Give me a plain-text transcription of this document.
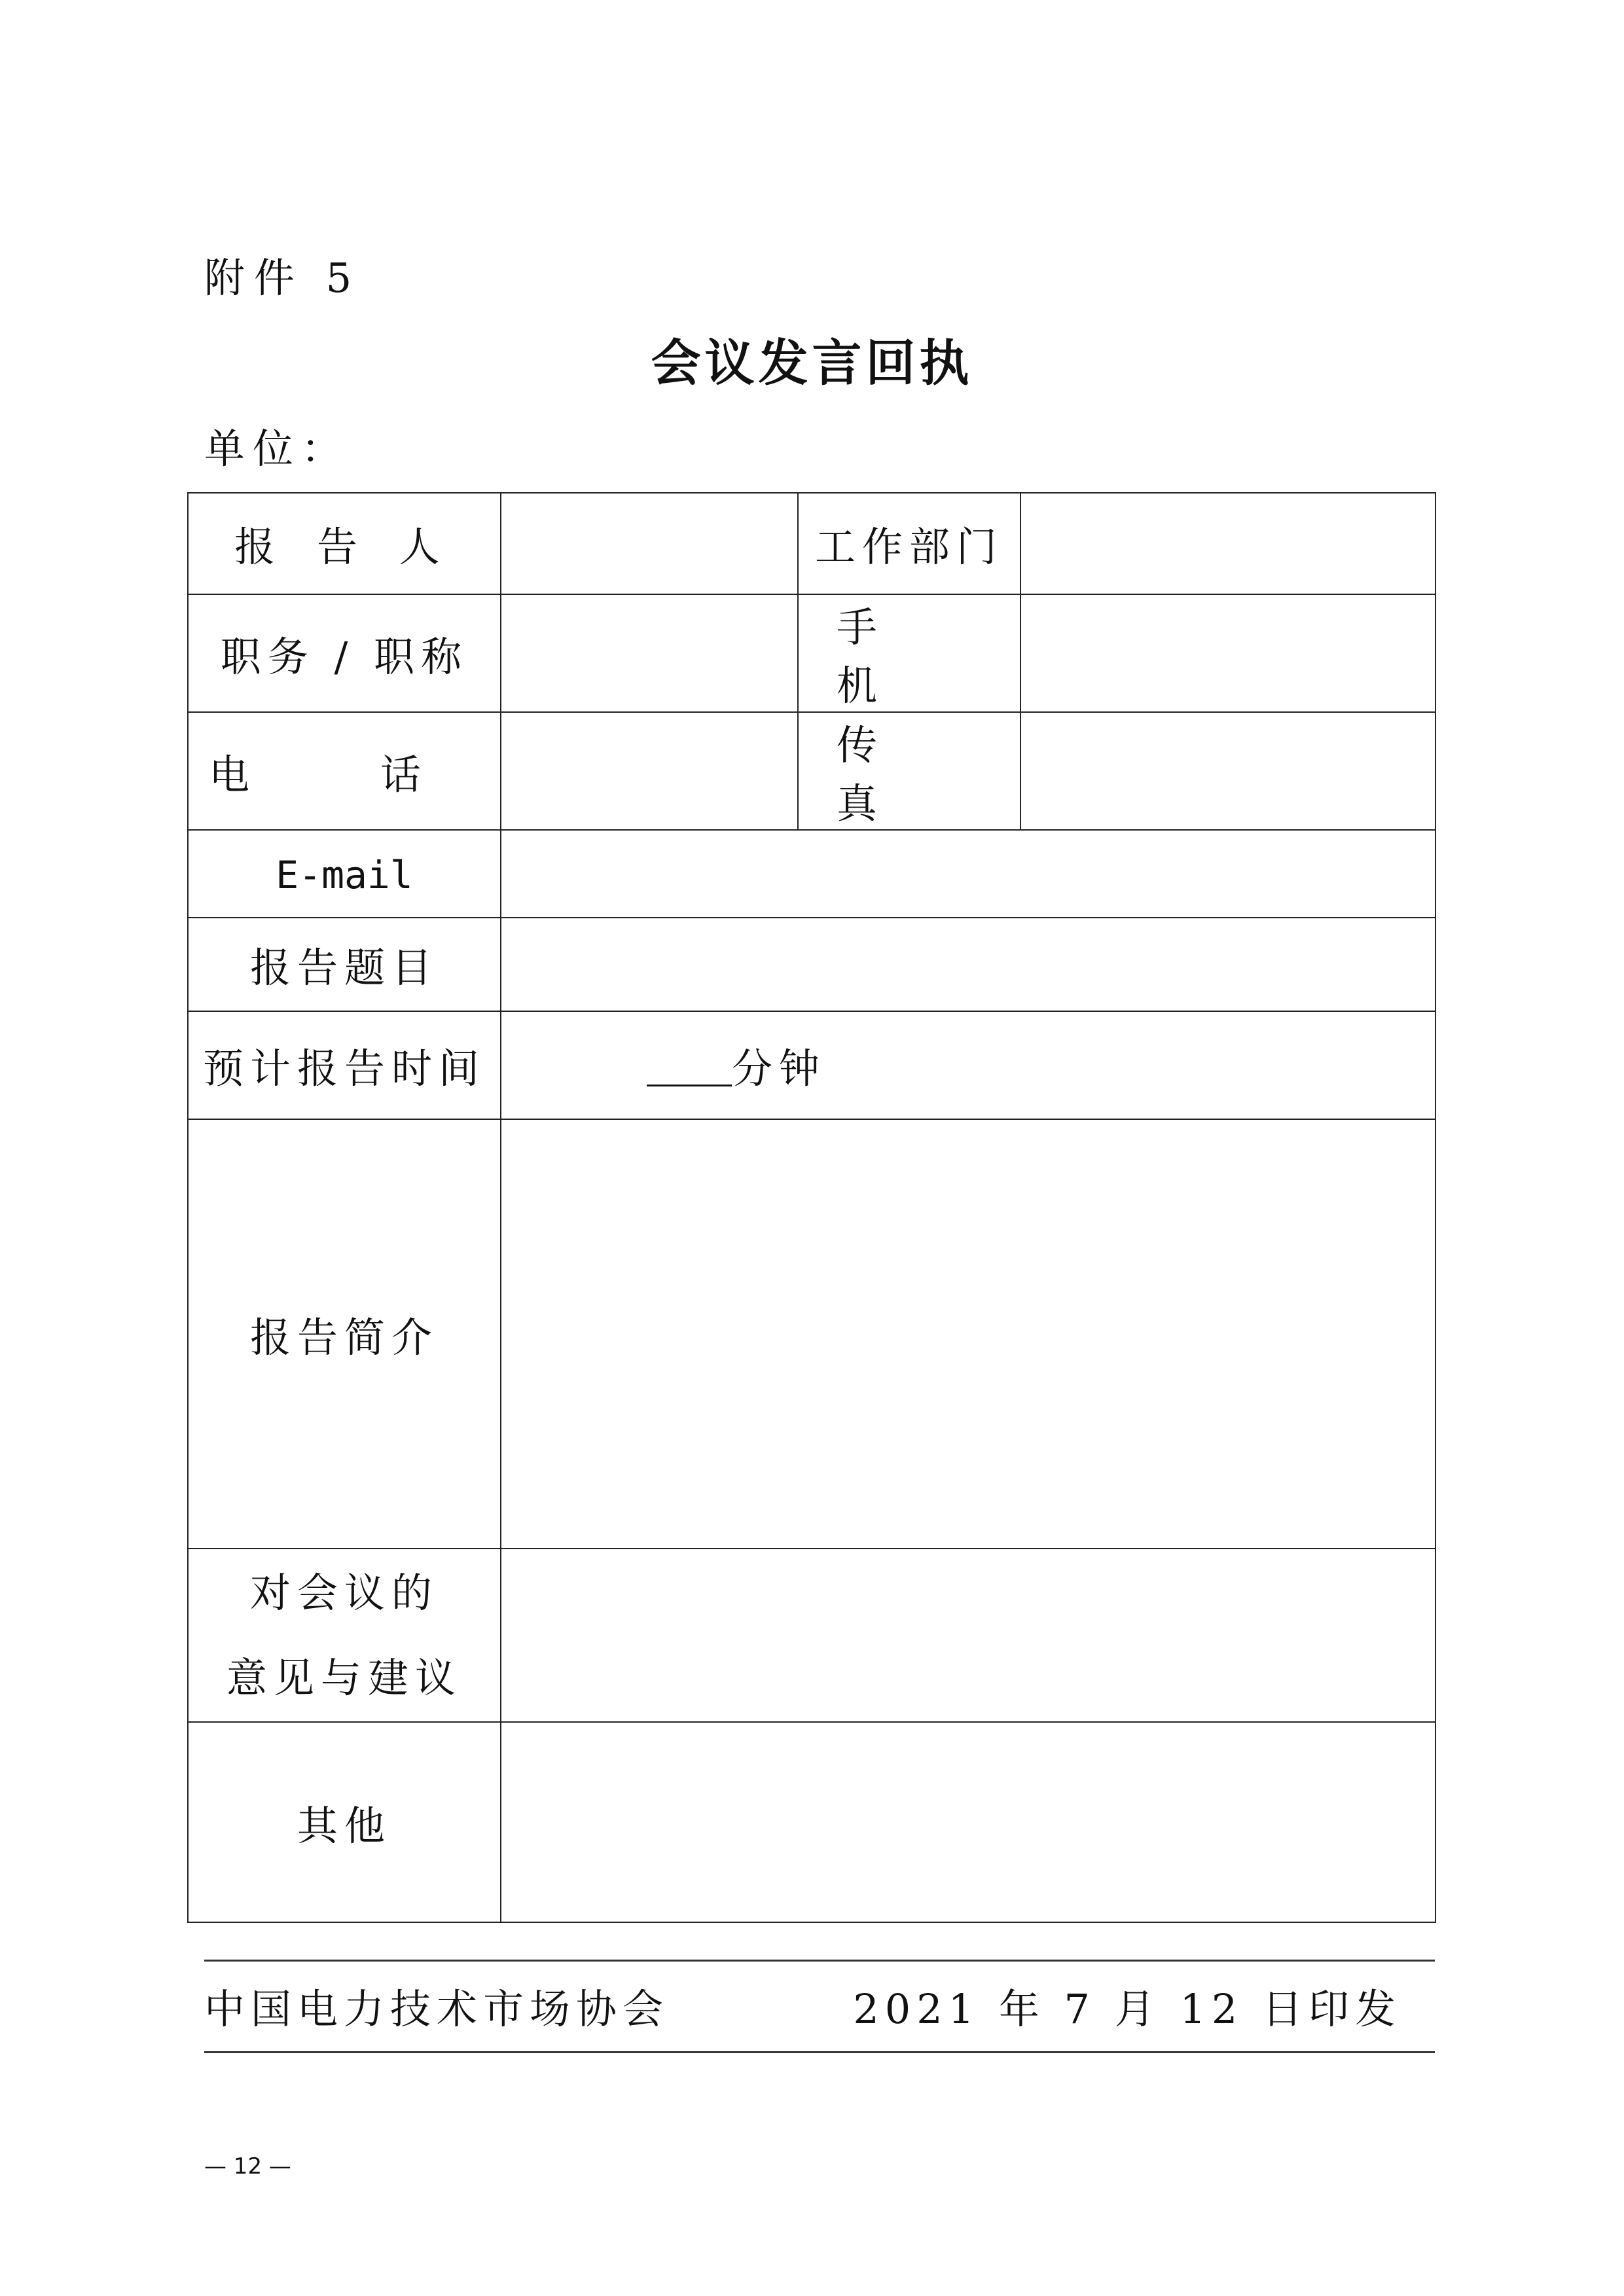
附件 5
会议发言回执
单位：
报 告 人		工作部门	
职务 / 职称		手 机	
电 话		传 真	
E-mail			
报告题目			
预计报告时间	分钟		
报告简介			
对会议的
意见与建议			
其他			
中国电力技术市场协会	2021 年 7 月 12 日印发
— 12 —
